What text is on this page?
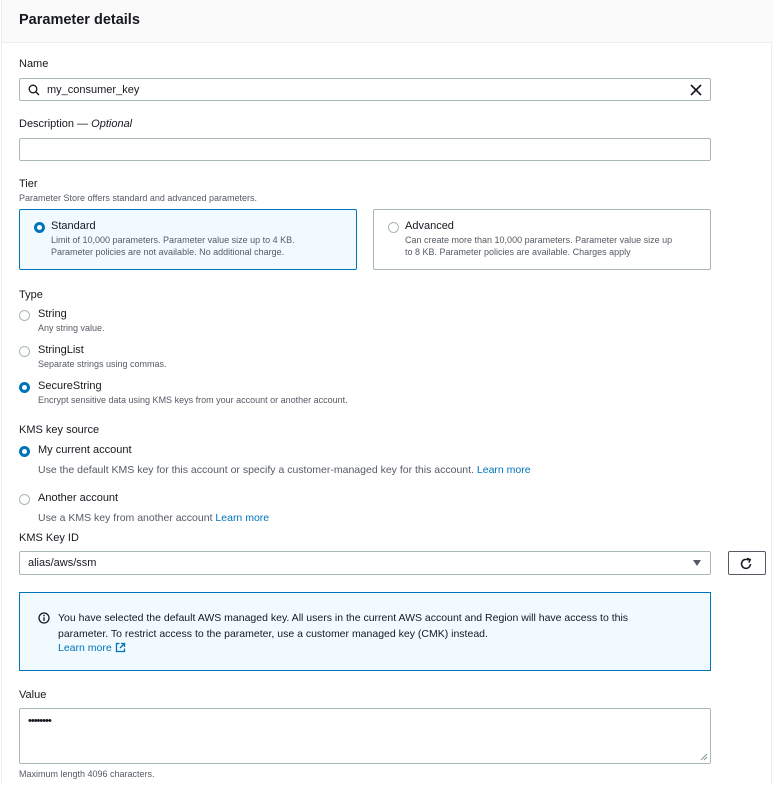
Parameter details
Name
my_consumer_key
Description — Optional
Tier
Parameter Store offers standard and advanced parameters.
Standard
Limit of 10,000 parameters. Parameter value size up to 4 KB.
Parameter policies are not available. No additional charge.
Advanced
Can create more than 10,000 parameters. Parameter value size up
to 8 KB. Parameter policies are available. Charges apply
Type
String
Any string value.
StringList
Separate strings using commas.
SecureString
Encrypt sensitive data using KMS keys from your account or another account.
KMS key source
My current account
Use the default KMS key for this account or specify a customer-managed key for this account. Learn more
Another account
Use a KMS key from another account Learn more
KMS Key ID
alias/aws/ssm
You have selected the default AWS managed key. All users in the current AWS account and Region will have access to this
parameter. To restrict access to the parameter, use a customer managed key (CMK) instead.
Learn more
Value
••••••••
Maximum length 4096 characters.
